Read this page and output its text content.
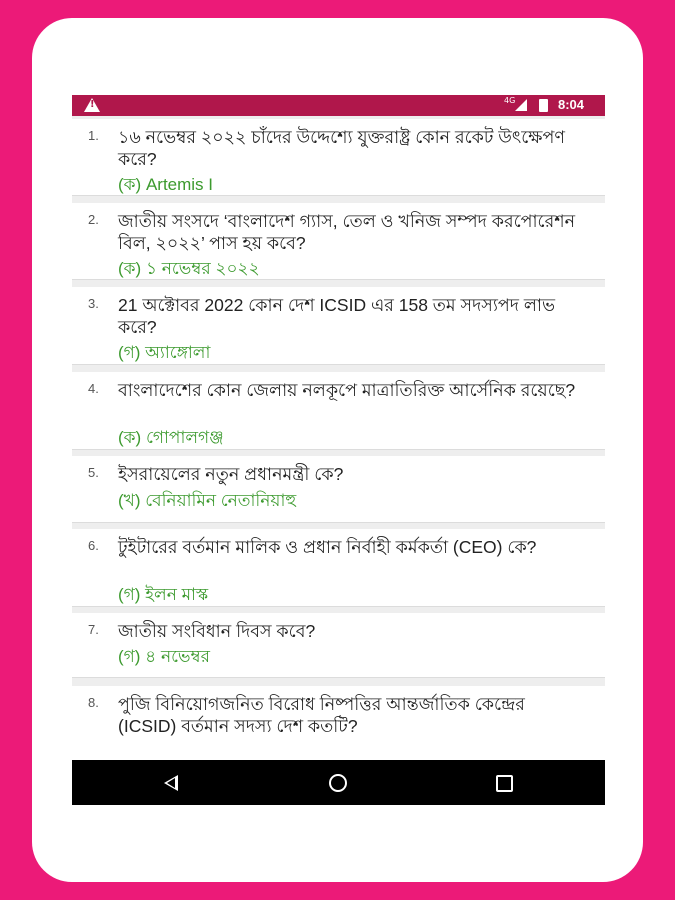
!
4G	8:04
1. ১৬ নভেম্বর ২০২২ চাঁদের উদ্দেশ্যে যুক্তরাষ্ট্র কোন রকেট উৎক্ষেপণ করে?
(ক) Artemis I
2. জাতীয় সংসদে ‘বাংলাদেশ গ্যাস, তেল ও খনিজ সম্পদ করপোরেশন বিল, ২০২২’ পাস হয় কবে?
(ক) ১ নভেম্বর ২০২২
3. 21 অক্টোবর 2022 কোন দেশ ICSID এর 158 তম সদস্যপদ লাভ করে?
(গ) অ্যাঙ্গোলা
4. বাংলাদেশের কোন জেলায় নলকূপে মাত্রাতিরিক্ত আর্সেনিক রয়েছে?
(ক) গোপালগঞ্জ
5. ইসরায়েলের নতুন প্রধানমন্ত্রী কে?
(খ) বেনিয়ামিন নেতানিয়াহু
6. টুইটারের বর্তমান মালিক ও প্রধান নির্বাহী কর্মকর্তা (CEO) কে?
(গ) ইলন মাস্ক
7. জাতীয় সংবিধান দিবস কবে?
(গ) ৪ নভেম্বর
8. পুজি বিনিয়োগজনিত বিরোধ নিষ্পত্তির আন্তর্জাতিক কেন্দ্রের (ICSID) বর্তমান সদস্য দেশ কতটি?
